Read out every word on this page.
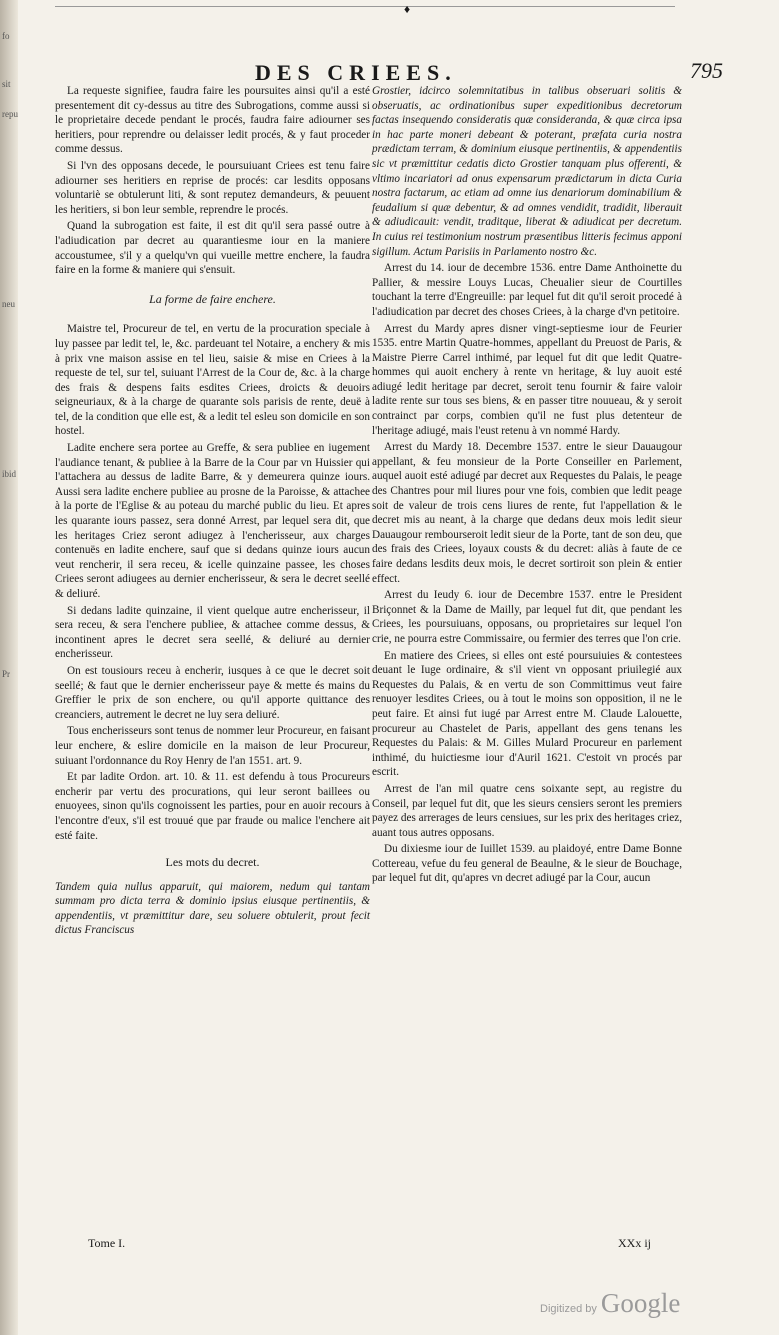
♦
fo
sit
repu
neu
ibid
Pr
DES CRIEES.	795

La requeste signifiee, faudra faire les poursuites ainsi qu'il a esté presentement dit cy-dessus au titre des Subrogations, comme aussi si le proprietaire decede pendant le procés, faudra faire adiourner ses heritiers, pour reprendre ou delaisser ledit procés, & y faut proceder comme dessus.

Si l'vn des opposans decede, le poursuiuant Criees est tenu faire adiourner ses heritiers en reprise de procés: car lesdits opposans voluntariè se obtulerunt liti, & sont reputez demandeurs, & peuuent les heritiers, si bon leur semble, reprendre le procés.

Quand la subrogation est faite, il est dit qu'il sera passé outre à l'adiudication par decret au quarantiesme iour en la maniere accoustumee, s'il y a quelqu'vn qui vueille mettre enchere, la faudra faire en la forme & maniere qui s'ensuit.

La forme de faire enchere.

Maistre tel, Procureur de tel, en vertu de la procuration speciale à luy passee par ledit tel, le, &c. pardeuant tel Notaire, a enchery & mis à prix vne maison assise en tel lieu, saisie & mise en Criees à la requeste de tel, sur tel, suiuant l'Arrest de la Cour de, &c. à la charge des frais & despens faits esdites Criees, droicts & deuoirs seigneuriaux, & à la charge de quarante sols parisis de rente, deuë à tel, de la condition que elle est, & a ledit tel esleu son domicile en son hostel.

Ladite enchere sera portee au Greffe, & sera publiee en iugement l'audiance tenant, & publiee à la Barre de la Cour par vn Huissier qui l'attachera au dessus de ladite Barre, & y demeurera quinze iours. Aussi sera ladite enchere publiee au prosne de la Paroisse, & attachee à la porte de l'Eglise & au poteau du marché public du lieu. Et apres les quarante iours passez, sera donné Arrest, par lequel sera dit, que les heritages Criez seront adiugez à l'encherisseur, aux charges contenuës en ladite enchere, sauf que si dedans quinze iours aucun veut rencherir, il sera receu, & icelle quinzaine passee, les choses Criees seront adiugees au dernier encherisseur, & sera le decret seellé & deliuré.

Si dedans ladite quinzaine, il vient quelque autre encherisseur, il sera receu, & sera l'enchere publiee, & attachee comme dessus, & incontinent apres le decret sera seellé, & deliuré au dernier encherisseur.

On est tousiours receu à encherir, iusques à ce que le decret soit seellé; & faut que le dernier encherisseur paye & mette és mains du Greffier le prix de son enchere, ou qu'il apporte quittance des creanciers, autrement le decret ne luy sera deliuré.

Tous encherisseurs sont tenus de nommer leur Procureur, en faisant leur enchere, & eslire domicile en la maison de leur Procureur, suiuant l'ordonnance du Roy Henry de l'an 1551. art. 9.

Et par ladite Ordon. art. 10. & 11. est defendu à tous Procureurs encherir par vertu des procurations, qui leur seront baillees ou enuoyees, sinon qu'ils cognoissent les parties, pour en auoir recours à l'encontre d'eux, s'il est trouué que par fraude ou malice l'enchere ait esté faite.

Les mots du decret.

Tandem quia nullus apparuit, qui maiorem, nedum qui tantam summam pro dicta terra & dominio ipsius eiusque pertinentiis, & appendentiis, vt præmittitur dare, seu soluere obtulerit, prout fecit dictus Franciscus

Grostier, idcirco solemnitatibus in talibus obseruari solitis & obseruatis, ac ordinationibus super expeditionibus decretorum factas insequendo consideratis quæ consideranda, & quæ circa ipsa in hac parte moneri debeant & poterant, præfata curia nostra prædictam terram, & dominium eiusque pertinentiis, & appendentiis sic vt præmittitur cedatis dicto Grostier tanquam plus offerenti, & vltimo incariatori ad onus expensarum prædictarum in dicta Curia nostra factarum, ac etiam ad omne ius denariorum dominabilium & feudalium si quæ debentur, & ad omnes vendidit, tradidit, liberauit & adiudicauit: vendit, traditque, liberat & adiudicat per decretum. In cuius rei testimonium nostrum præsentibus litteris fecimus apponi sigillum. Actum Parisiis in Parlamento nostro &c.

Arrest du 14. iour de decembre 1536. entre Dame Anthoinette du Pallier, & messire Louys Lucas, Cheualier sieur de Courtilles touchant la terre d'Engreuille: par lequel fut dit qu'il seroit procedé à l'adiudication par decret des choses Criees, à la charge d'vn petitoire.

Arrest du Mardy apres disner vingt-septiesme iour de Feurier 1535. entre Martin Quatre-hommes, appellant du Preuost de Paris, & Maistre Pierre Carrel inthimé, par lequel fut dit que ledit Quatre-hommes qui auoit enchery à rente vn heritage, & luy auoit esté adiugé ledit heritage par decret, seroit tenu fournir & faire valoir ladite rente sur tous ses biens, & en passer titre nouueau, & y seroit contrainct par corps, combien qu'il ne fust plus detenteur de l'heritage adiugé, mais l'eust retenu à vn nommé Hardy.

Arrest du Mardy 18. Decembre 1537. entre le sieur Dauaugour appellant, & feu monsieur de la Porte Conseiller en Parlement, auquel auoit esté adiugé par decret aux Requestes du Palais, le peage des Chantres pour mil liures pour vne fois, combien que ledit peage soit de valeur de trois cens liures de rente, fut l'appellation & le decret mis au neant, à la charge que dedans deux mois ledit sieur Dauaugour rembourseroit ledit sieur de la Porte, tant de son deu, que des frais des Criees, loyaux cousts & du decret: aliàs à faute de ce faire dedans lesdits deux mois, le decret sortiroit son plein & entier effect.

Arrest du Ieudy 6. iour de Decembre 1537. entre le President Briçonnet & la Dame de Mailly, par lequel fut dit, que pendant les Criees, les poursuiuans, opposans, ou proprietaires sur lequel l'on crie, ne pourra estre Commissaire, ou fermier des terres que l'on crie.

En matiere des Criees, si elles ont esté poursuiuies & contestees deuant le Iuge ordinaire, & s'il vient vn opposant priuilegié aux Requestes du Palais, & en vertu de son Committimus veut faire renuoyer lesdites Criees, ou à tout le moins son opposition, il ne le peut faire. Et ainsi fut iugé par Arrest entre M. Claude Lalouette, procureur au Chastelet de Paris, appellant des gens tenans les Requestes du Palais: & M. Gilles Mulard Procureur en parlement inthimé, du huictiesme iour d'Auril 1621. C'estoit vn procés par escrit.

Arrest de l'an mil quatre cens soixante sept, au registre du Conseil, par lequel fut dit, que les sieurs censiers seront les premiers payez des arrerages de leurs censiues, sur les prix des heritages criez, auant tous autres opposans.

Du dixiesme iour de Iuillet 1539. au plaidoyé, entre Dame Bonne Cottereau, vefue du feu general de Beaulne, & le sieur de Bouchage, par lequel fut dit, qu'apres vn decret adiugé par la Cour, aucun

Tome I.	XXx ij
Digitized by Google
